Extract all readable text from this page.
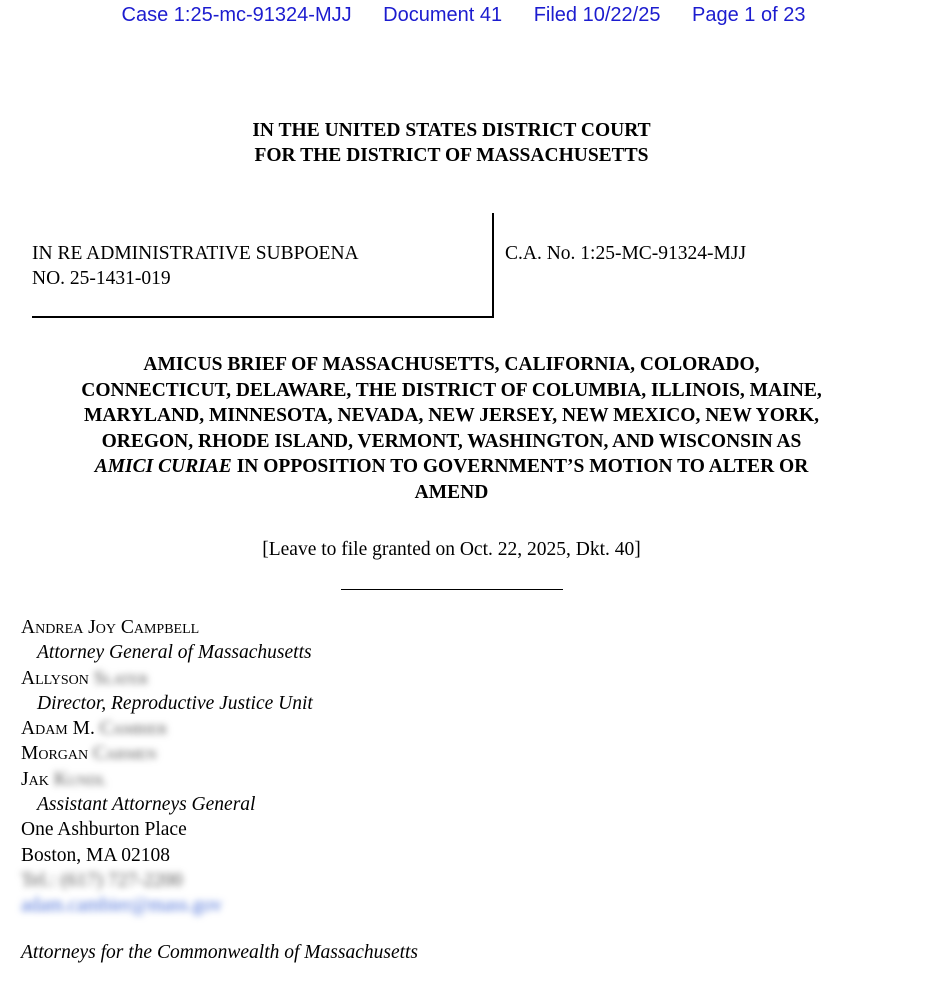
Case 1:25-mc-91324-MJJ Document 41 Filed 10/22/25 Page 1 of 23
IN THE UNITED STATES DISTRICT COURT
FOR THE DISTRICT OF MASSACHUSETTS
IN RE ADMINISTRATIVE SUBPOENA
NO. 25-1431-019
C.A. No. 1:25-MC-91324-MJJ
AMICUS BRIEF OF MASSACHUSETTS, CALIFORNIA, COLORADO,
CONNECTICUT, DELAWARE, THE DISTRICT OF COLUMBIA, ILLINOIS, MAINE,
MARYLAND, MINNESOTA, NEVADA, NEW JERSEY, NEW MEXICO, NEW YORK,
OREGON, RHODE ISLAND, VERMONT, WASHINGTON, AND WISCONSIN AS
AMICI CURIAE IN OPPOSITION TO GOVERNMENT’S MOTION TO ALTER OR
AMEND
[Leave to file granted on Oct. 22, 2025, Dkt. 40]
Andrea Joy Campbell
Attorney General of Massachusetts
Allyson Slater
Director, Reproductive Justice Unit
Adam M. Cambier
Morgan Carmen
Jak Kundl
Assistant Attorneys General
One Ashburton Place
Boston, MA 02108
Tel.: (617) 727-2200
adam.cambier@mass.gov
Attorneys for the Commonwealth of Massachusetts
